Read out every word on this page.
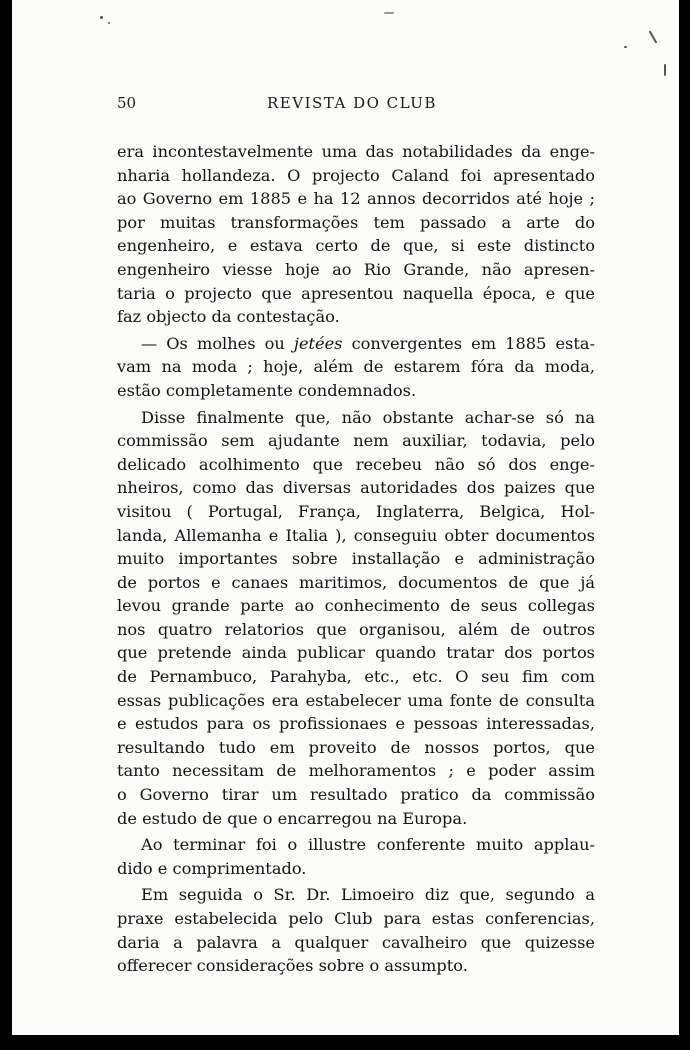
50	REVISTA DO CLUB
era incontestavelmente uma das notabilidades da enge-
nharia hollandeza. O projecto Caland foi apresentado
ao Governo em 1885 e ha 12 annos decorridos até hoje ;
por muitas transformações tem passado a arte do
engenheiro, e estava certo de que, si este distincto
engenheiro viesse hoje ao Rio Grande, não apresen-
taria o projecto que apresentou naquella época, e que
faz objecto da contestação.
— Os molhes ou jetées convergentes em 1885 esta-
vam na moda ; hoje, além de estarem fóra da moda,
estão completamente condemnados.
Disse finalmente que, não obstante achar-se só na
commissão sem ajudante nem auxiliar, todavia, pelo
delicado acolhimento que recebeu não só dos enge-
nheiros, como das diversas autoridades dos paizes que
visitou ( Portugal, França, Inglaterra, Belgica, Hol-
landa, Allemanha e Italia ), conseguiu obter documentos
muito importantes sobre installação e administração
de portos e canaes maritimos, documentos de que já
levou grande parte ao conhecimento de seus collegas
nos quatro relatorios que organisou, além de outros
que pretende ainda publicar quando tratar dos portos
de Pernambuco, Parahyba, etc., etc. O seu fim com
essas publicações era estabelecer uma fonte de consulta
e estudos para os profissionaes e pessoas interessadas,
resultando tudo em proveito de nossos portos, que
tanto necessitam de melhoramentos ; e poder assim
o Governo tirar um resultado pratico da commissão
de estudo de que o encarregou na Europa.
Ao terminar foi o illustre conferente muito applau-
dido e comprimentado.
Em seguida o Sr. Dr. Limoeiro diz que, segundo a
praxe estabelecida pelo Club para estas conferencias,
daria a palavra a qualquer cavalheiro que quizesse
offerecer considerações sobre o assumpto.
